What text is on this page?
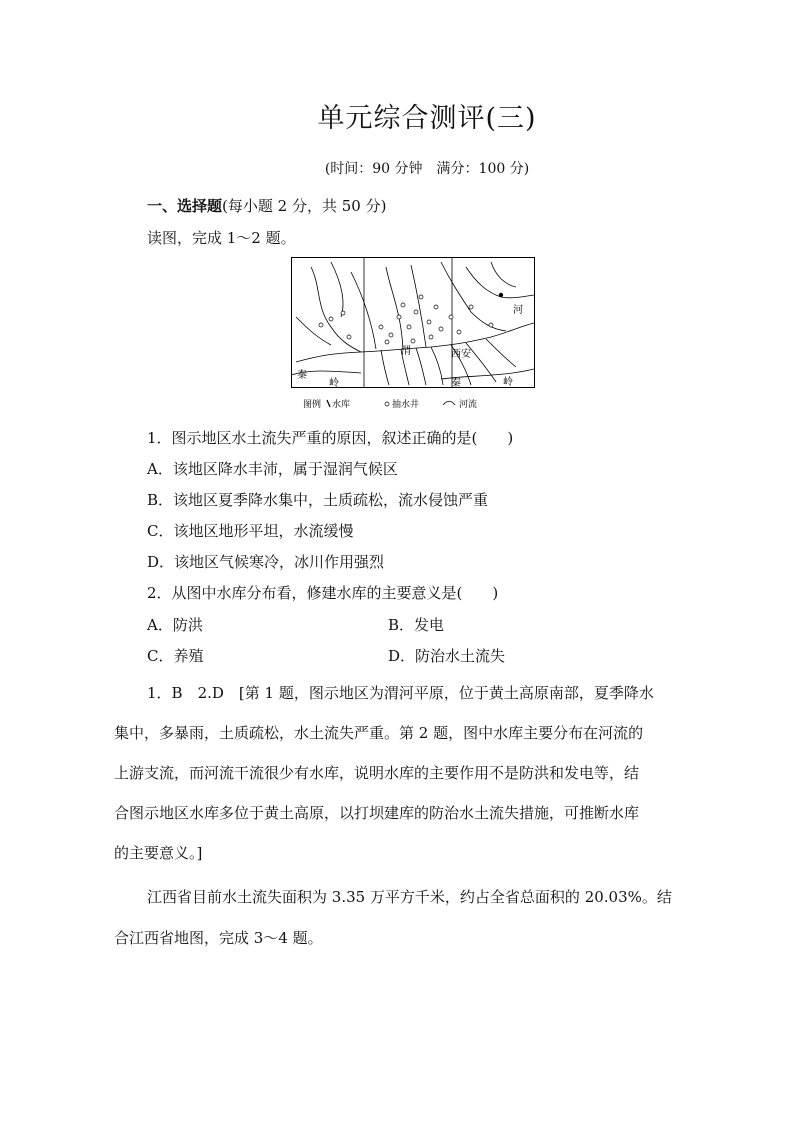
单元综合测评(三)
(时间：90 分钟　满分：100 分)
一、选择题(每小题 2 分，共 50 分)
读图，完成 1～2 题。
河
渭	西安
秦
岭	秦	岭
图例 水库	抽水井	河流
1．图示地区水土流失严重的原因，叙述正确的是(　　)
A．该地区降水丰沛，属于湿润气候区
B．该地区夏季降水集中，土质疏松，流水侵蚀严重
C．该地区地形平坦，水流缓慢
D．该地区气候寒冷，冰川作用强烈
2．从图中水库分布看，修建水库的主要意义是(　　)
A．防洪	B．发电
C．养殖	D．防治水土流失
1．B　2.D　[第 1 题，图示地区为渭河平原，位于黄土高原南部，夏季降水
集中，多暴雨，土质疏松，水土流失严重。第 2 题，图中水库主要分布在河流的
上游支流，而河流干流很少有水库，说明水库的主要作用不是防洪和发电等，结
合图示地区水库多位于黄土高原，以打坝建库的防治水土流失措施，可推断水库
的主要意义。]
江西省目前水土流失面积为 3.35 万平方千米，约占全省总面积的 20.03%。结
合江西省地图，完成 3～4 题。
